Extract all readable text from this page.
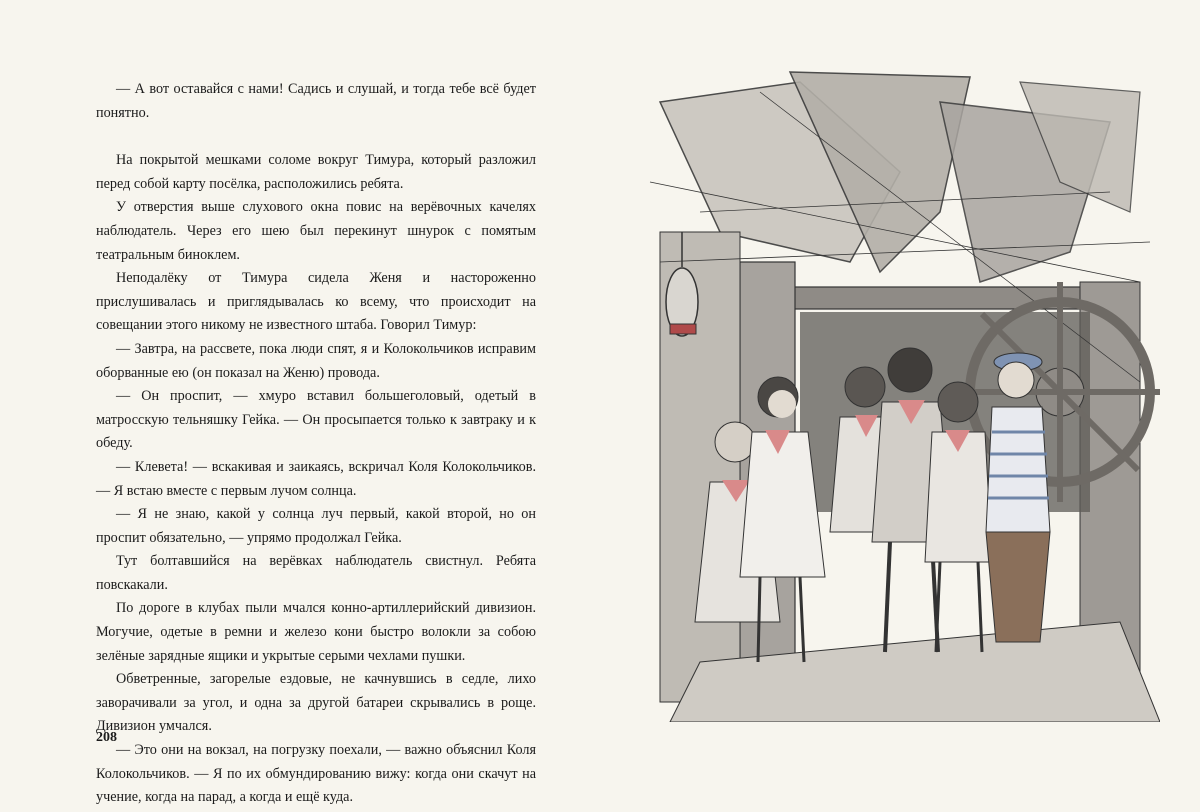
— А вот оставайся с нами! Садись и слушай, и тогда тебе всё будет понятно.

На покрытой мешками соломе вокруг Тимура, который разложил перед собой карту посёлка, расположились ребята.

У отверстия выше слухового окна повис на верёвочных качелях наблюдатель. Через его шею был перекинут шнурок с помятым театральным биноклем.

Неподалёку от Тимура сидела Женя и настороженно прислушивалась и приглядывалась ко всему, что происходит на совещании этого никому не известного штаба. Говорил Тимур:

— Завтра, на рассвете, пока люди спят, я и Колокольчиков исправим оборванные ею (он показал на Женю) провода.

— Он проспит, — хмуро вставил большеголовый, одетый в матросскую тельняшку Гейка. — Он просыпается только к завтраку и к обеду.

— Клевета! — вскакивая и заикаясь, вскричал Коля Колокольчиков. — Я встаю вместе с первым лучом солнца.

— Я не знаю, какой у солнца луч первый, какой второй, но он проспит обязательно, — упрямо продолжал Гейка.

Тут болтавшийся на верёвках наблюдатель свистнул. Ребята повскакали.

По дороге в клубах пыли мчался конно-артиллерийский дивизион. Могучие, одетые в ремни и железо кони быстро волокли за собою зелёные зарядные ящики и укрытые серыми чехлами пушки.

Обветренные, загорелые ездовые, не качнувшись в седле, лихо заворачивали за угол, и одна за другой батареи скрывались в роще. Дивизион умчался.

— Это они на вокзал, на погрузку поехали, — важно объяснил Коля Колокольчиков. — Я по их обмундированию вижу: когда они скачут на учение, когда на парад, а когда и ещё куда.

208
